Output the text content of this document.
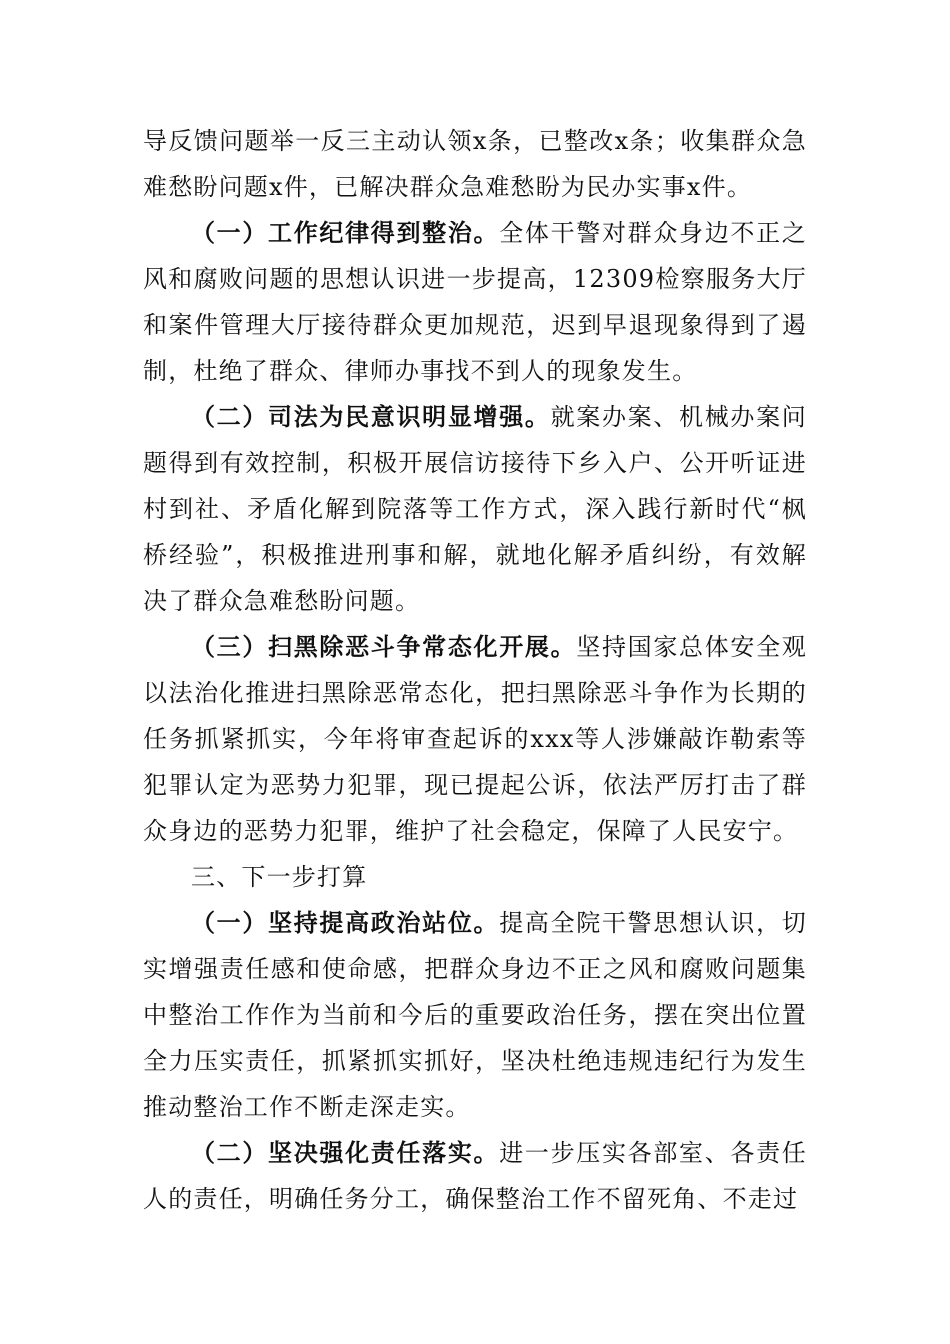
导反馈问题举一反三主动认领x条，已整改x条；收集群众急难愁盼问题x件，已解决群众急难愁盼为民办实事x件。

（一）工作纪律得到整治。全体干警对群众身边不正之风和腐败问题的思想认识进一步提高，12309检察服务大厅和案件管理大厅接待群众更加规范，迟到早退现象得到了遏制，杜绝了群众、律师办事找不到人的现象发生。

（二）司法为民意识明显增强。就案办案、机械办案问题得到有效控制，积极开展信访接待下乡入户、公开听证进村到社、矛盾化解到院落等工作方式，深入践行新时代“枫桥经验”，积极推进刑事和解，就地化解矛盾纠纷，有效解决了群众急难愁盼问题。

（三）扫黑除恶斗争常态化开展。坚持国家总体安全观以法治化推进扫黑除恶常态化，把扫黑除恶斗争作为长期的任务抓紧抓实，今年将审查起诉的xxx等人涉嫌敲诈勒索等犯罪认定为恶势力犯罪，现已提起公诉，依法严厉打击了群众身边的恶势力犯罪，维护了社会稳定，保障了人民安宁。

三、下一步打算

（一）坚持提高政治站位。提高全院干警思想认识，切实增强责任感和使命感，把群众身边不正之风和腐败问题集中整治工作作为当前和今后的重要政治任务，摆在突出位置全力压实责任，抓紧抓实抓好，坚决杜绝违规违纪行为发生推动整治工作不断走深走实。

（二）坚决强化责任落实。进一步压实各部室、各责任人的责任，明确任务分工，确保整治工作不留死角、不走过
